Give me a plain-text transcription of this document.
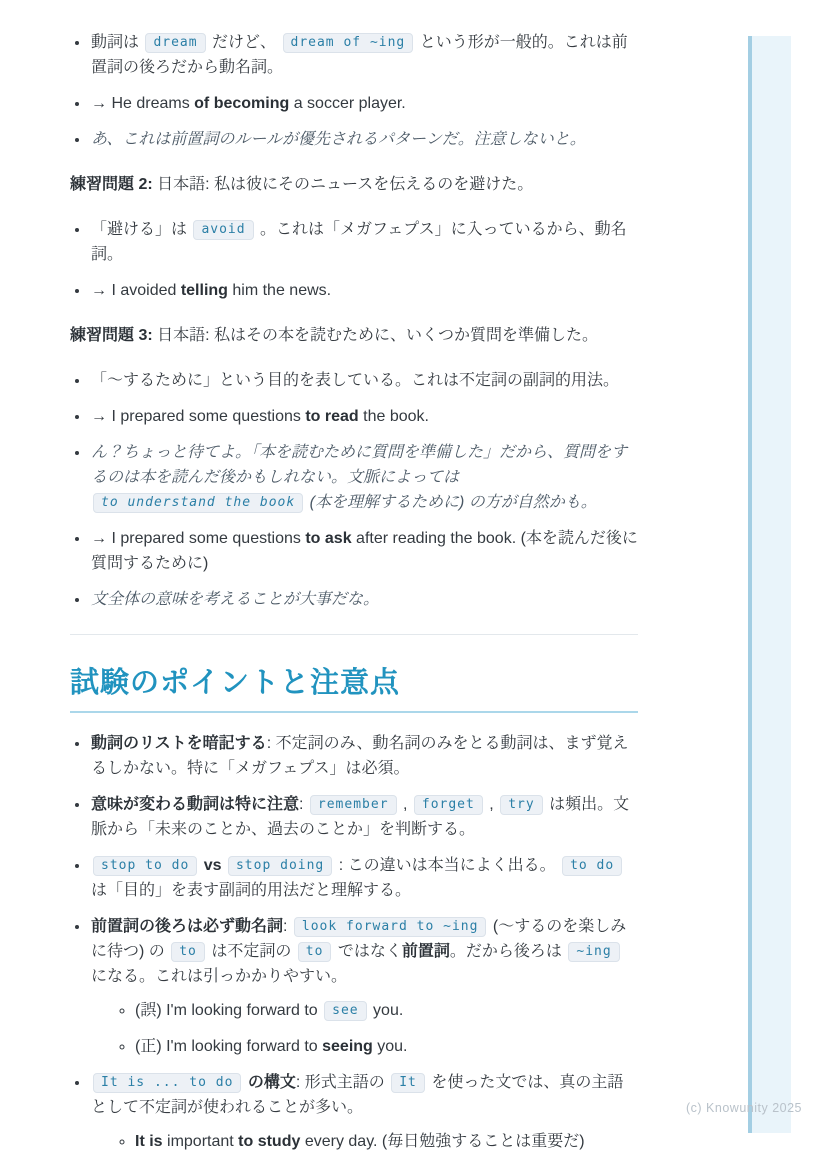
• 動詞は dream だけど、 dream of ~ing という形が一般的。これは前置詞の後ろだから動名詞。
• → He dreams of becoming a soccer player.
• あ、これは前置詞のルールが優先されるパターンだ。注意しないと。

練習問題 2: 日本語: 私は彼にそのニュースを伝えるのを避けた。

• 「避ける」は avoid 。これは「メガフェプス」に入っているから、動名詞。
• → I avoided telling him the news.

練習問題 3: 日本語: 私はその本を読むために、いくつか質問を準備した。

• 「〜するために」という目的を表している。これは不定詞の副詞的用法。
• → I prepared some questions to read the book.
• ん？ちょっと待てよ。「本を読むために質問を準備した」だから、質問をするのは本を読んだ後かもしれない。文脈によっては to understand the book (本を理解するために) の方が自然かも。
• → I prepared some questions to ask after reading the book. (本を読んだ後に質問するために)
• 文全体の意味を考えることが大事だな。
試験のポイントと注意点
• 動詞のリストを暗記する: 不定詞のみ、動名詞のみをとる動詞は、まず覚えるしかない。特に「メガフェプス」は必須。
• 意味が変わる動詞は特に注意: remember , forget , try は頻出。文脈から「未来のことか、過去のことか」を判断する。
• stop to do vs stop doing : この違いは本当によく出る。 to do は「目的」を表す副詞的用法だと理解する。
• 前置詞の後ろは必ず動名詞: look forward to ~ing (〜するのを楽しみに待つ) の to は不定詞の to ではなく前置詞。だから後ろは ~ing になる。これは引っかかりやすい。
◦ (誤) I'm looking forward to see you.
◦ (正) I'm looking forward to seeing you.
• It is ... to do の構文: 形式主語の It を使った文では、真の主語として不定詞が使われることが多い。
◦ It is important to study every day. (毎日勉強することは重要だ)
(c) Knowunity 2025
